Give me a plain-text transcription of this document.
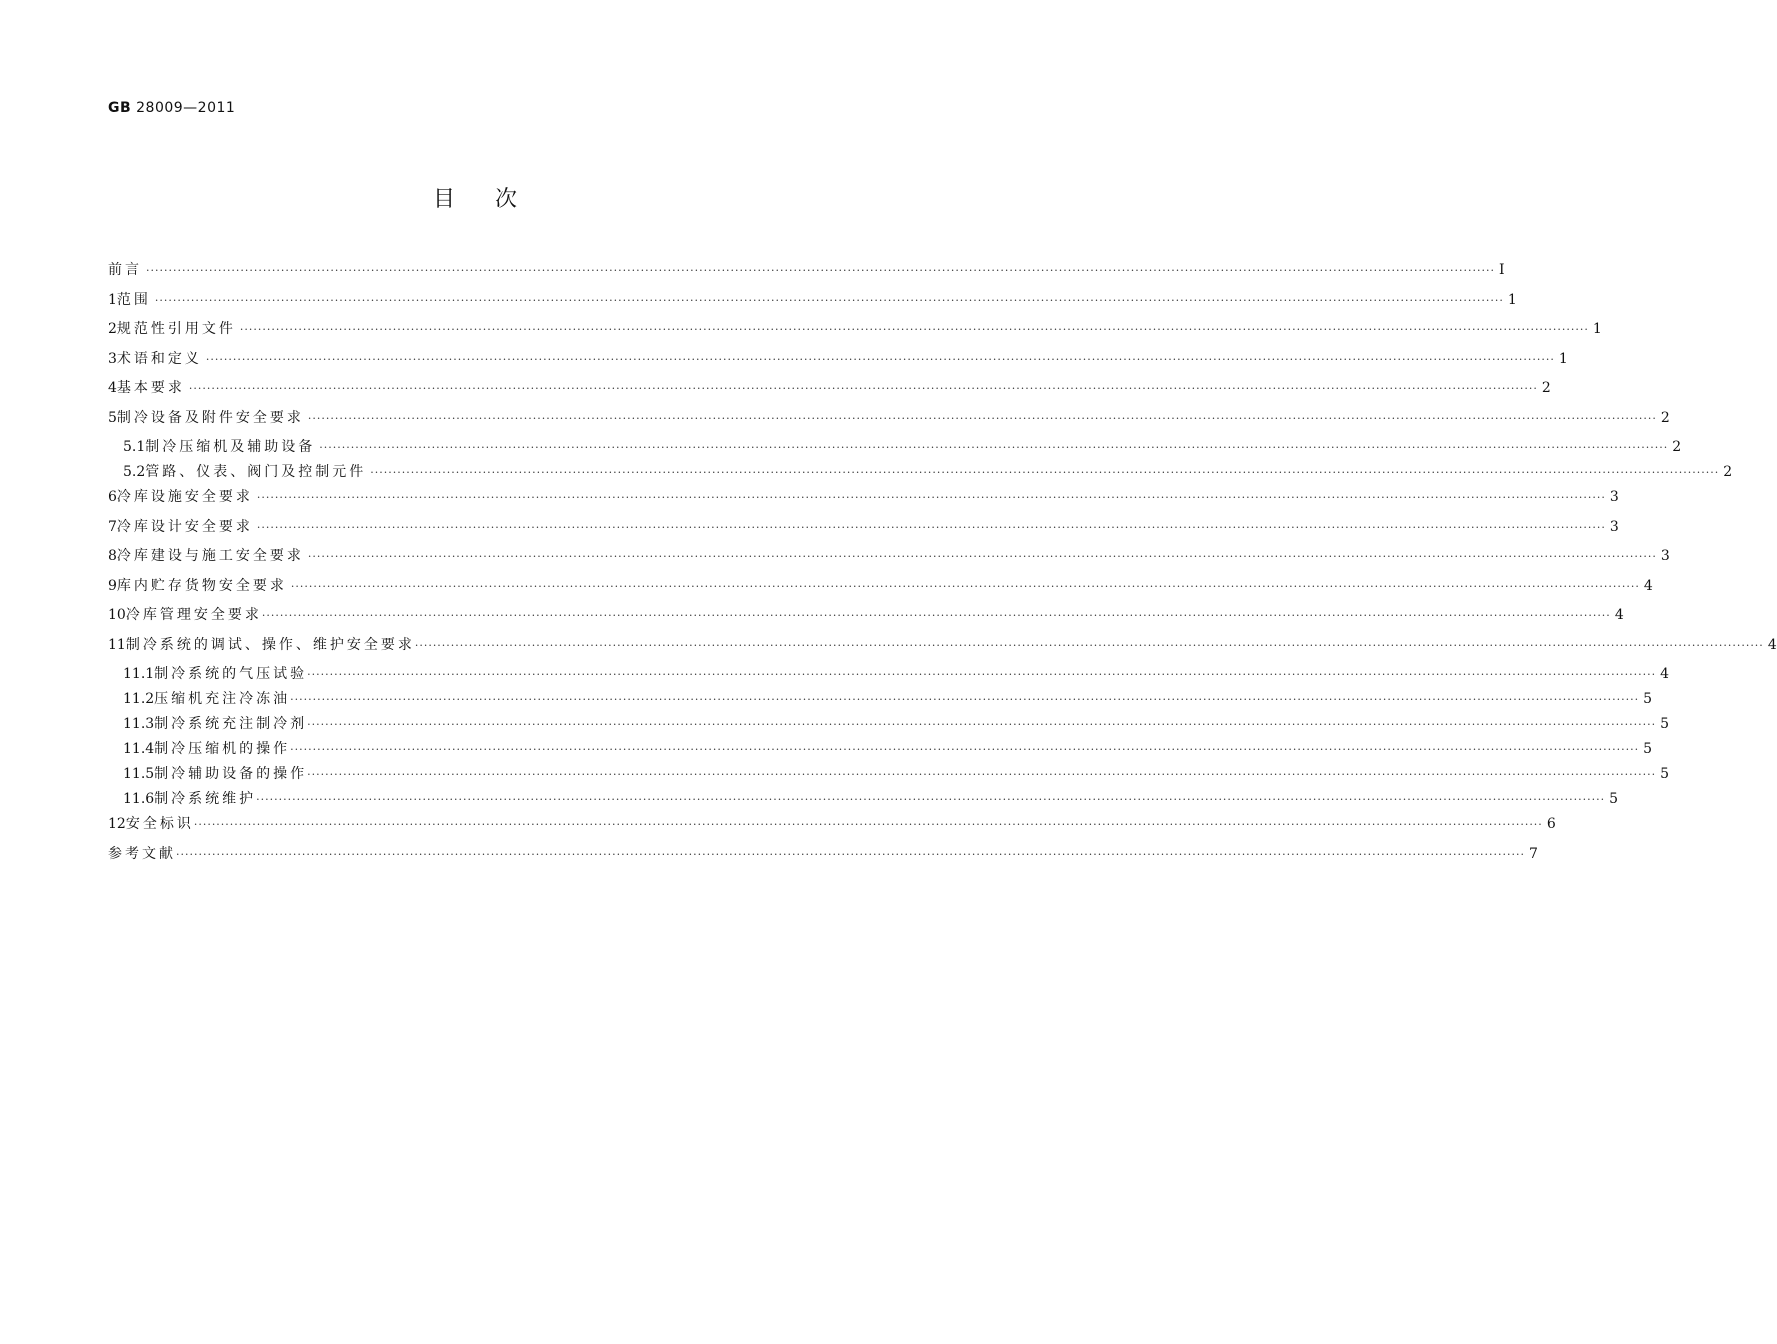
GB 28009—2011
目次
前言 ············································································································································································································································································································ Ⅰ
1 范围 ············································································································································································································································································································ 1
2 规范性引用文件 ············································································································································································································································································································ 1
3 术语和定义 ············································································································································································································································································································ 1
4 基本要求 ············································································································································································································································································································ 2
5 制冷设备及附件安全要求 ············································································································································································································································································································ 2
5.1 制冷压缩机及辅助设备 ············································································································································································································································································································ 2
5.2 管路、仪表、阀门及控制元件 ············································································································································································································································································································ 2
6 冷库设施安全要求 ············································································································································································································································································································ 3
7 冷库设计安全要求 ············································································································································································································································································································ 3
8 冷库建设与施工安全要求 ············································································································································································································································································································ 3
9 库内贮存货物安全要求 ············································································································································································································································································································ 4
10 冷库管理安全要求 ············································································································································································································································································································ 4
11 制冷系统的调试、操作、维护安全要求 ············································································································································································································································································································ 4
11.1 制冷系统的气压试验 ············································································································································································································································································································ 4
11.2 压缩机充注冷冻油 ············································································································································································································································································································ 5
11.3 制冷系统充注制冷剂 ············································································································································································································································································································ 5
11.4 制冷压缩机的操作 ············································································································································································································································································································ 5
11.5 制冷辅助设备的操作 ············································································································································································································································································································ 5
11.6 制冷系统维护 ············································································································································································································································································································ 5
12 安全标识 ············································································································································································································································································································ 6
参考文献 ············································································································································································································································································································ 7
